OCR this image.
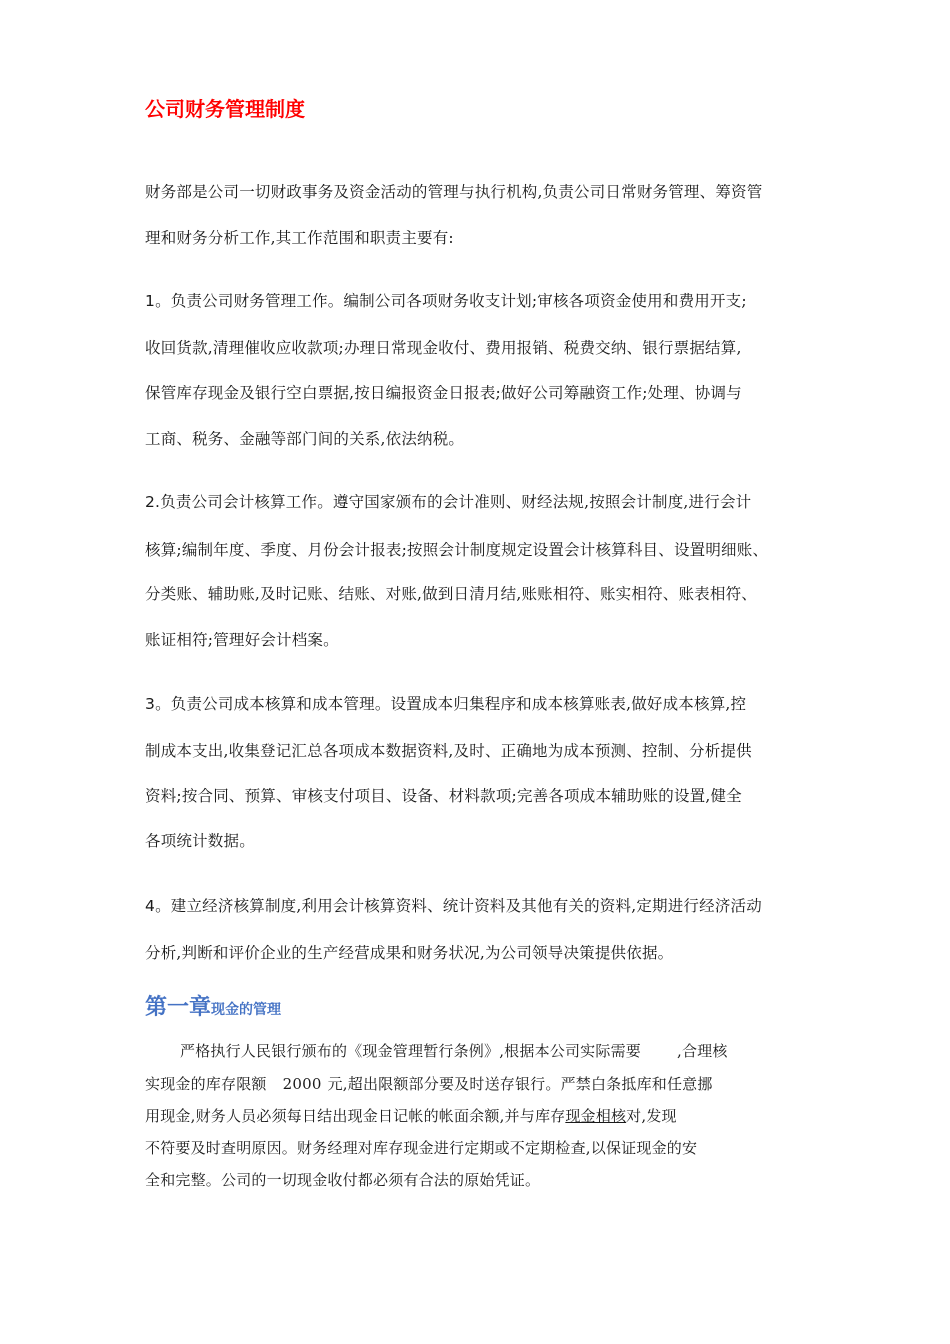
公司财务管理制度

财务部是公司一切财政事务及资金活动的管理与执行机构,负责公司日常财务管理、筹资管

理和财务分析工作,其工作范围和职责主要有:

1。负责公司财务管理工作。编制公司各项财务收支计划;审核各项资金使用和费用开支;

收回货款,清理催收应收款项;办理日常现金收付、费用报销、税费交纳、银行票据结算,

保管库存现金及银行空白票据,按日编报资金日报表;做好公司筹融资工作;处理、协调与

工商、税务、金融等部门间的关系,依法纳税。

2.负责公司会计核算工作。遵守国家颁布的会计准则、财经法规,按照会计制度,进行会计

核算;编制年度、季度、月份会计报表;按照会计制度规定设置会计核算科目、设置明细账、

分类账、辅助账,及时记账、结账、对账,做到日清月结,账账相符、账实相符、账表相符、

账证相符;管理好会计档案。

3。负责公司成本核算和成本管理。设置成本归集程序和成本核算账表,做好成本核算,控

制成本支出,收集登记汇总各项成本数据资料,及时、正确地为成本预测、控制、分析提供

资料;按合同、预算、审核支付项目、设备、材料款项;完善各项成本辅助账的设置,健全

各项统计数据。

4。建立经济核算制度,利用会计核算资料、统计资料及其他有关的资料,定期进行经济活动

分析,判断和评价企业的生产经营成果和财务状况,为公司领导决策提供依据。

第一章现金的管理

严格执行人民银行颁布的《现金管理暂行条例》,根据本公司实际需要 ,合理核

实现金的库存限额 2000 元,超出限额部分要及时送存银行。严禁白条抵库和任意挪

用现金,财务人员必须每日结出现金日记帐的帐面余额,并与库存现金相核对,发现

不符要及时查明原因。财务经理对库存现金进行定期或不定期检查,以保证现金的安

全和完整。公司的一切现金收付都必须有合法的原始凭证。
